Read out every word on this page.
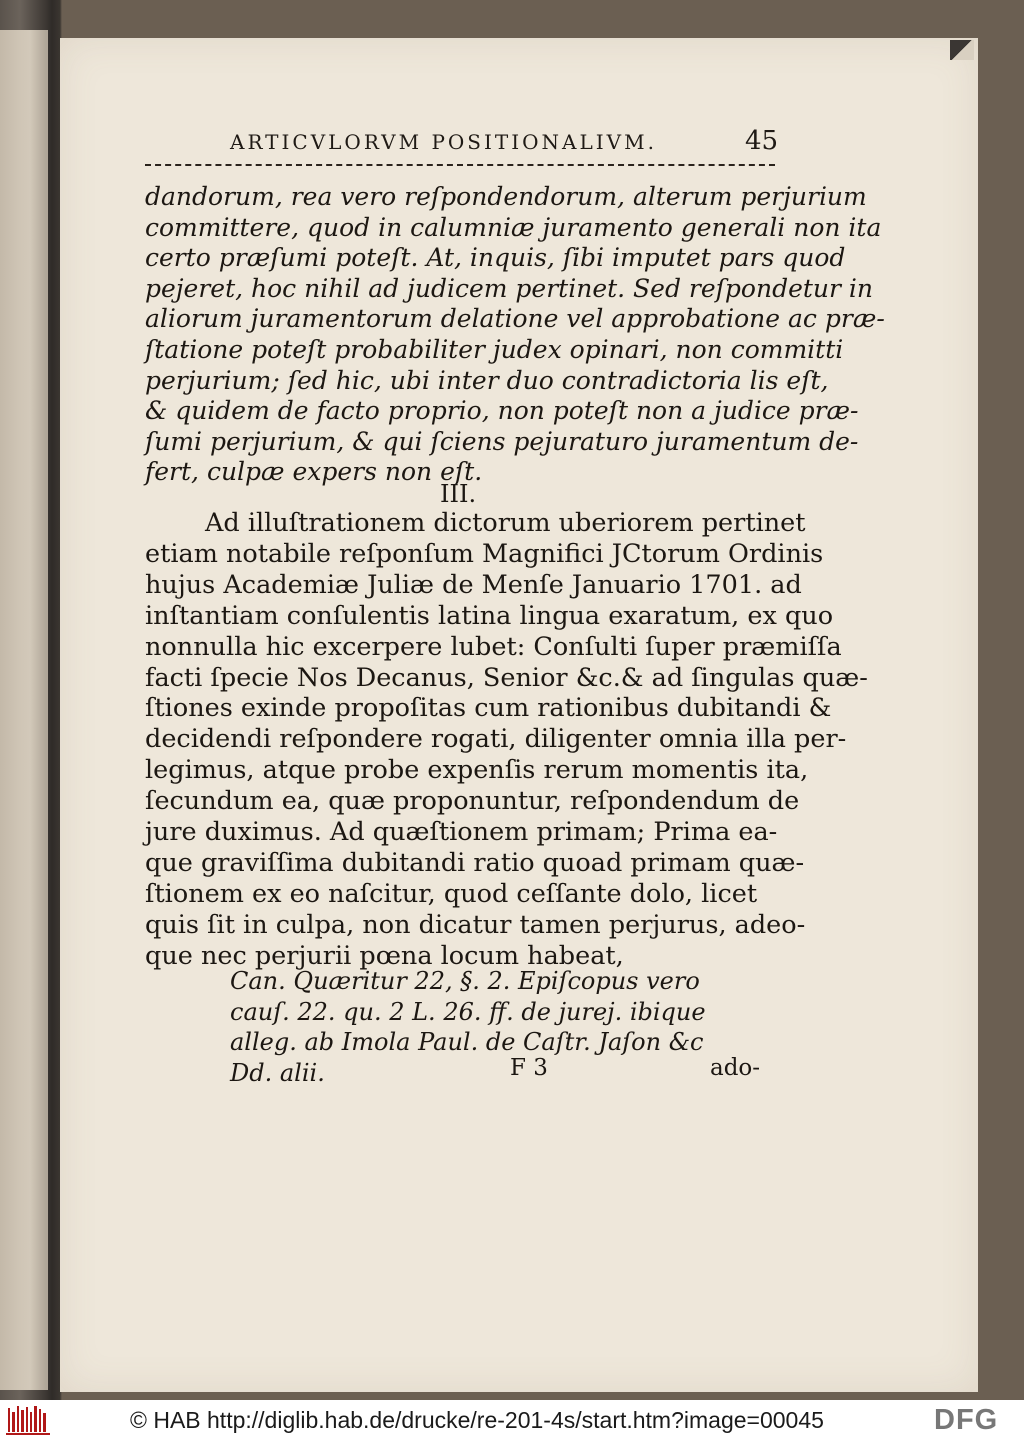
ARTICVLORVM POSITIONALIVM.	45
dandorum, rea vero reſpondendorum, alterum perjurium
committere, quod in calumniæ juramento generali non ita
certo præſumi poteſt. At, inquis, ſibi imputet pars quod
pejeret, hoc nihil ad judicem pertinet. Sed reſpondetur in
aliorum juramentorum delatione vel approbatione ac præ-
ſtatione poteſt probabiliter judex opinari, non committi
perjurium; ſed hic, ubi inter duo contradictoria lis eſt,
& quidem de facto proprio, non poteſt non a judice præ-
ſumi perjurium, & qui ſciens pejuraturo juramentum de-
fert, culpæ expers non eſt.
III.
Ad illuſtrationem dictorum uberiorem pertinet
etiam notabile reſponſum Magnifici JCtorum Ordinis
hujus Academiæ Juliæ de Menſe Januario 1701. ad
inſtantiam conſulentis latina lingua exaratum, ex quo
nonnulla hic excerpere lubet: Conſulti ſuper præmiſſa
facti ſpecie Nos Decanus, Senior &c.& ad ſingulas quæ-
ſtiones exinde propoſitas cum rationibus dubitandi &
decidendi reſpondere rogati, diligenter omnia illa per-
legimus, atque probe expenſis rerum momentis ita,
ſecundum ea, quæ proponuntur, reſpondendum de
jure duximus. Ad quæſtionem primam; Prima ea-
que graviſſima dubitandi ratio quoad primam quæ-
ſtionem ex eo naſcitur, quod ceſſante dolo, licet
quis ſit in culpa, non dicatur tamen perjurus, adeo-
que nec perjurii pœna locum habeat,
Can. Quæritur 22, §. 2. Epiſcopus vero
cauſ. 22. qu. 2 L. 26. ff. de jurej. ibique
alleg. ab Imola Paul. de Caſtr. Jaſon &c
Dd. alii.	F 3	ado-
© HAB http://diglib.hab.de/drucke/re-201-4s/start.htm?image=00045	DFG
